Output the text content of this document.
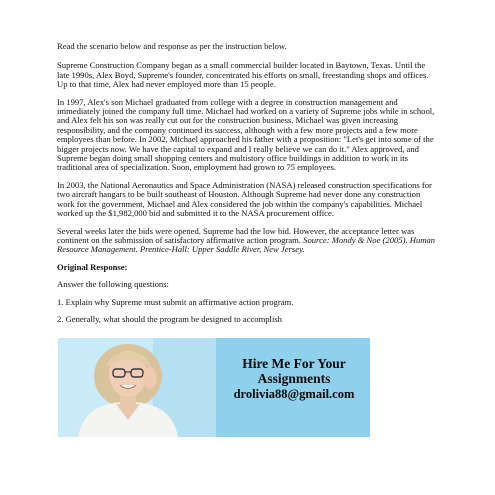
Read the scenario below and response as per the instruction below.

Supreme Construction Company began as a small commercial builder located in Baytown, Texas. Until the late 1990s, Alex Boyd, Supreme's founder, concentrated his efforts on small, freestanding shops and offices. Up to that time, Alex had never employed more than 15 people.

In 1997, Alex's son Michael graduated from college with a degree in construction management and immediately joined the company full time. Michael had worked on a variety of Supreme jobs while in school, and Alex felt his son was really cut out for the construction business. Michael was given increasing responsibility, and the company continued its success, although with a few more projects and a few more employees than before. In 2002, Michael approached his father with a proposition: "Let's get into some of the bigger projects now. We have the capital to expand and I really believe we can do it." Alex approved, and Supreme began doing small shopping centers and multistory office buildings in addition to work in its traditional area of specialization. Soon, employment had grown to 75 employees.

In 2003, the National Aeronautics and Space Administration (NASA) released construction specifications for two aircraft hangars to be built southeast of Houston. Although Supreme had never done any construction work for the government, Michael and Alex considered the job within the company's capabilities. Michael worked up the $1,982,000 bid and submitted it to the NASA procurement office.

Several weeks later the bids were opened. Supreme had the low bid. However, the acceptance letter was continent on the submission of satisfactory affirmative action program. Source: Mondy & Noe (2005). Human Resource Management. Prentice-Hall: Upper Saddle River, New Jersey.

Original Response:

Answer the following questions:

1. Explain why Supreme must submit an affirmative action program.

2. Generally, what should the program be designed to accomplish

Hire Me For Your
Assignments
drolivia88@gmail.com
